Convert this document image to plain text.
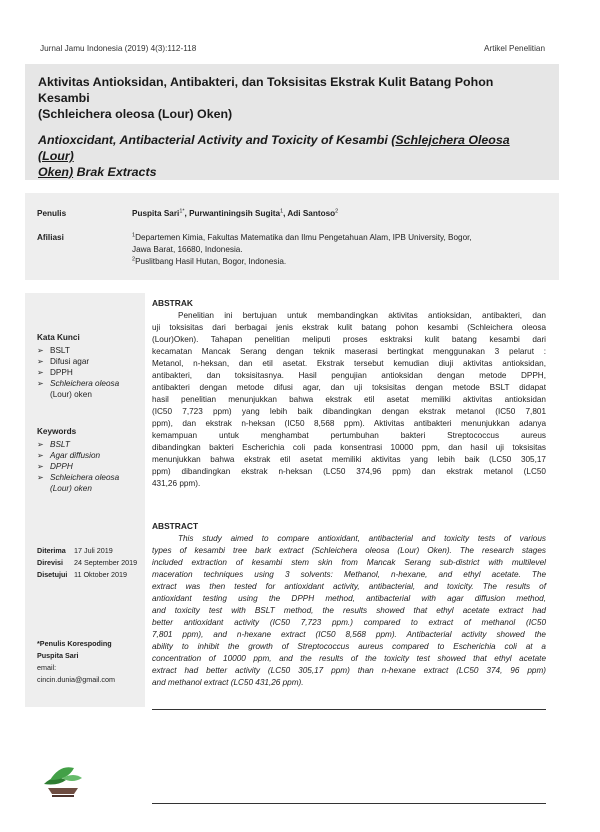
Jurnal Jamu Indonesia (2019) 4(3):112-118	Artikel Penelitian
Aktivitas Antioksidan, Antibakteri, dan Toksisitas Ekstrak Kulit Batang Pohon Kesambi
(Schleichera oleosa (Lour) Oken)
Antioxcidant, Antibacterial Activity and Toxicity of Kesambi (Schlejchera Oleosa (Lour)
Oken) Brak Extracts
Penulis	Puspita Sari$^{1*}$, Purwantiningsih Sugita$^1$, Adi Santoso$^2$
Afiliasi	$^1$Departemen Kimia, Fakultas Matematika dan Ilmu Pengetahuan Alam, IPB University, Bogor,
Jawa Barat, 16680, Indonesia.
$^2$Puslitbang Hasil Hutan, Bogor, Indonesia.
Kata Kunci
➢ BSLT
➢ Difusi agar
➢ DPPH
➢ Schleichera oleosa
(Lour) oken
Keywords
➢ BSLT
➢ Agar diffusion
➢ DPPH
➢ Schleichera oleosa
(Lour) oken
Diterima	17 Juli 2019
Direvisi	24 September 2019
Disetujui 11 Oktober 2019
*Penulis Korespoding
Puspita Sari
email:
cincin.dunia@gmail.com
ABSTRAK
Penelitian ini bertujuan untuk membandingkan aktivitas antioksidan, antibakteri, dan
uji toksisitas dari berbagai jenis ekstrak kulit batang pohon kesambi (Schleichera oleosa
(Lour)Oken). Tahapan penelitian meliputi proses esktraksi kulit batang kesambi dari
kecamatan Mancak Serang dengan teknik maserasi bertingkat menggunakan 3 pelarut :
Metanol, n-heksan, dan etil asetat. Ekstrak tersebut kemudian diuji aktivitas antioksidan,
antibakteri, dan toksisitasnya. Hasil pengujian antioksidan dengan metode DPPH,
antibakteri dengan metode difusi agar, dan uji toksisitas dengan metode BSLT didapat
hasil penelitian menunjukkan bahwa ekstrak etil asetat memiliki aktivitas antioksidan
(IC50 7,723 ppm) yang lebih baik dibandingkan dengan ekstrak metanol (IC50 7,801
ppm), dan ekstrak n-heksan (IC50 8,568 ppm). Aktivitas antibakteri menunjukkan adanya
kemampuan untuk menghambat pertumbuhan bakteri Streptococcus aureus
dibandingkan bakteri Escherichia coli pada konsentrasi 10000 ppm, dan hasil uji toksisitas
menunjukkan bahwa ekstrak etil asetat memiliki aktivitas yang lebih baik (LC50 305,17
ppm) dibandingkan ekstrak n-heksan (LC50 374,96 ppm) dan ekstrak metanol (LC50
431,26 ppm).
ABSTRACT
This study aimed to compare antioxidant, antibacterial and toxicity tests of various
types of kesambi tree bark extract (Schleichera oleosa (Lour) Oken). The research stages
included extraction of kesambi stem skin from Mancak Serang sub-district with multilevel
maceration techniques using 3 solvents: Methanol, n-hexane, and ethyl acetate. The
extract was then tested for antioxidant activity, antibacterial, and toxicity. The results of
antioxidant testing using the DPPH method, antibacterial with agar diffusion method,
and toxicity test with BSLT method, the results showed that ethyl acetate extract had
better antioxidant activity (IC50 7,723 ppm.) compared to extract of methanol (IC50
7,801 ppm), and n-hexane extract (IC50 8,568 ppm). Antibacterial activity showed the
ability to inhibit the growth of Streptococcus aureus compared to Escherichia coli at a
concentration of 10000 ppm, and the results of the toxicity test showed that ethyl acetate
extract had better activity (LC50 305,17 ppm) than n-hexane extract (LC50 374, 96 ppm)
and methanol extract (LC50 431,26 ppm).
